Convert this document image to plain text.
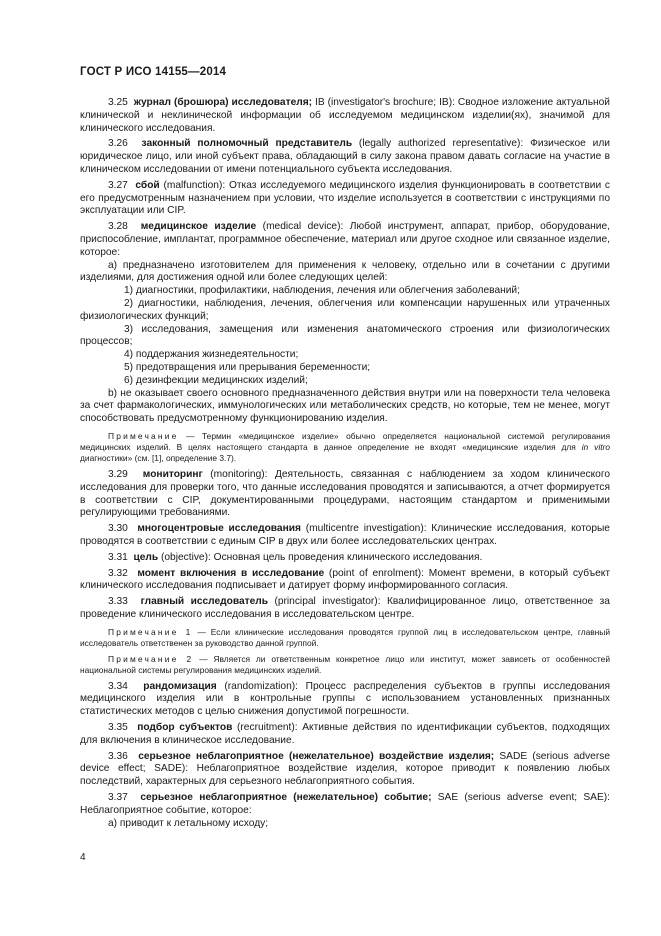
ГОСТ Р ИСО 14155—2014

3.25 журнал (брошюра) исследователя; IB (investigator's brochure; IB): Сводное изложение актуальной клинической и неклинической информации об исследуемом медицинском изделии(ях), значимой для клинического исследования.

3.26 законный полномочный представитель (legally authorized representative): Физическое или юридическое лицо, или иной субъект права, обладающий в силу закона правом давать согласие на участие в клиническом исследовании от имени потенциального субъекта исследования.

3.27 сбой (malfunction): Отказ исследуемого медицинского изделия функционировать в соответствии с его предусмотренным назначением при условии, что изделие используется в соответствии с инструкциями по эксплуатации или CIP.

3.28 медицинское изделие (medical device): Любой инструмент, аппарат, прибор, оборудование, приспособление, имплантат, программное обеспечение, материал или другое сходное или связанное изделие, которое:

а) предназначено изготовителем для применения к человеку, отдельно или в сочетании с другими изделиями, для достижения одной или более следующих целей:

1) диагностики, профилактики, наблюдения, лечения или облегчения заболеваний;

2) диагностики, наблюдения, лечения, облегчения или компенсации нарушенных или утраченных физиологических функций;

3) исследования, замещения или изменения анатомического строения или физиологических процессов;

4) поддержания жизнедеятельности;

5) предотвращения или прерывания беременности;

6) дезинфекции медицинских изделий;

b) не оказывает своего основного предназначенного действия внутри или на поверхности тела человека за счет фармакологических, иммунологических или метаболических средств, но которые, тем не менее, могут способствовать предусмотренному функционированию изделия.

Примечание — Термин «медицинское изделие» обычно определяется национальной системой регулирования медицинских изделий. В целях настоящего стандарта в данное определение не входят «медицинские изделия для in vitro диагностики» (см. [1], определение 3.7).

3.29 мониторинг (monitoring): Деятельность, связанная с наблюдением за ходом клинического исследования для проверки того, что данные исследования проводятся и записываются, а отчет формируется в соответствии с CIP, документированными процедурами, настоящим стандартом и применимыми регулирующими требованиями.

3.30 многоцентровые исследования (multicentre investigation): Клинические исследования, которые проводятся в соответствии с единым CIP в двух или более исследовательских центрах.

3.31 цель (objective): Основная цель проведения клинического исследования.

3.32 момент включения в исследование (point of enrolment): Момент времени, в который субъект клинического исследования подписывает и датирует форму информированного согласия.

3.33 главный исследователь (principal investigator): Квалифицированное лицо, ответственное за проведение клинического исследования в исследовательском центре.

Примечание 1 — Если клинические исследования проводятся группой лиц в исследовательском центре, главный исследователь ответственен за руководство данной группой.

Примечание 2 — Является ли ответственным конкретное лицо или институт, может зависеть от особенностей национальной системы регулирования медицинских изделий.

3.34 рандомизация (randomization): Процесс распределения субъектов в группы исследования медицинского изделия или в контрольные группы с использованием установленных признанных статистических методов с целью снижения допустимой погрешности.

3.35 подбор субъектов (recruitment): Активные действия по идентификации субъектов, подходящих для включения в клиническое исследование.

3.36 серьезное неблагоприятное (нежелательное) воздействие изделия; SADE (serious adverse device effect; SADE): Неблагоприятное воздействие изделия, которое приводит к появлению любых последствий, характерных для серьезного неблагоприятного события.

3.37 серьезное неблагоприятное (нежелательное) событие; SAE (serious adverse event; SAE): Неблагоприятное событие, которое:

а) приводит к летальному исходу;

4
